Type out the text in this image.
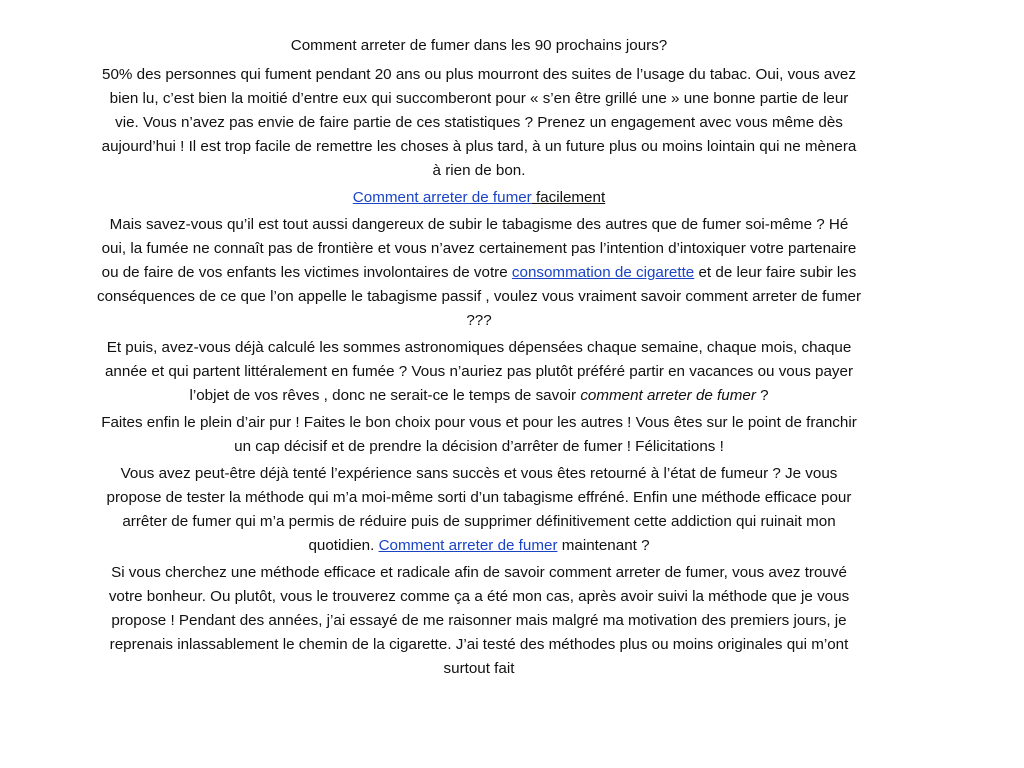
Comment arreter de fumer dans les 90 prochains jours?

50% des personnes qui fument pendant 20 ans ou plus mourront des suites de l’usage du tabac. Oui, vous avez bien lu, c’est bien la moitié d’entre eux qui succomberont pour « s’en être grillé une » une bonne partie de leur vie. Vous n’avez pas envie de faire partie de ces statistiques ? Prenez un engagement avec vous même dès aujourd’hui ! Il est trop facile de remettre les choses à plus tard, à un future plus ou moins lointain qui ne mènera à rien de bon.

Comment arreter de fumer facilement

Mais savez-vous qu’il est tout aussi dangereux de subir le tabagisme des autres que de fumer soi-même ? Hé oui, la fumée ne connaît pas de frontière et vous n’avez certainement pas l’intention d’intoxiquer votre partenaire ou de faire de vos enfants les victimes involontaires de votre consommation de cigarette et de leur faire subir les conséquences de ce que l’on appelle le tabagisme passif , voulez vous vraiment savoir comment arreter de fumer ???

Et puis, avez-vous déjà calculé les sommes astronomiques dépensées chaque semaine, chaque mois, chaque année et qui partent littéralement en fumée ? Vous n’auriez pas plutôt préféré partir en vacances ou vous payer l’objet de vos rêves , donc ne serait-ce le temps de savoir comment arreter de fumer ?

Faites enfin le plein d’air pur ! Faites le bon choix pour vous et pour les autres ! Vous êtes sur le point de franchir un cap décisif et de prendre la décision d’arrêter de fumer ! Félicitations !

Vous avez peut-être déjà tenté l’expérience sans succès et vous êtes retourné à l’état de fumeur ? Je vous propose de tester la méthode qui m’a moi-même sorti d’un tabagisme effréné. Enfin une méthode efficace pour arrêter de fumer qui m’a permis de réduire puis de supprimer définitivement cette addiction qui ruinait mon quotidien. Comment arreter de fumer maintenant ?

Si vous cherchez une méthode efficace et radicale afin de savoir comment arreter de fumer, vous avez trouvé votre bonheur. Ou plutôt, vous le trouverez comme ça a été mon cas, après avoir suivi la méthode que je vous propose ! Pendant des années, j’ai essayé de me raisonner mais malgré ma motivation des premiers jours, je reprenais inlassablement le chemin de la cigarette. J’ai testé des méthodes plus ou moins originales qui m’ont surtout fait
